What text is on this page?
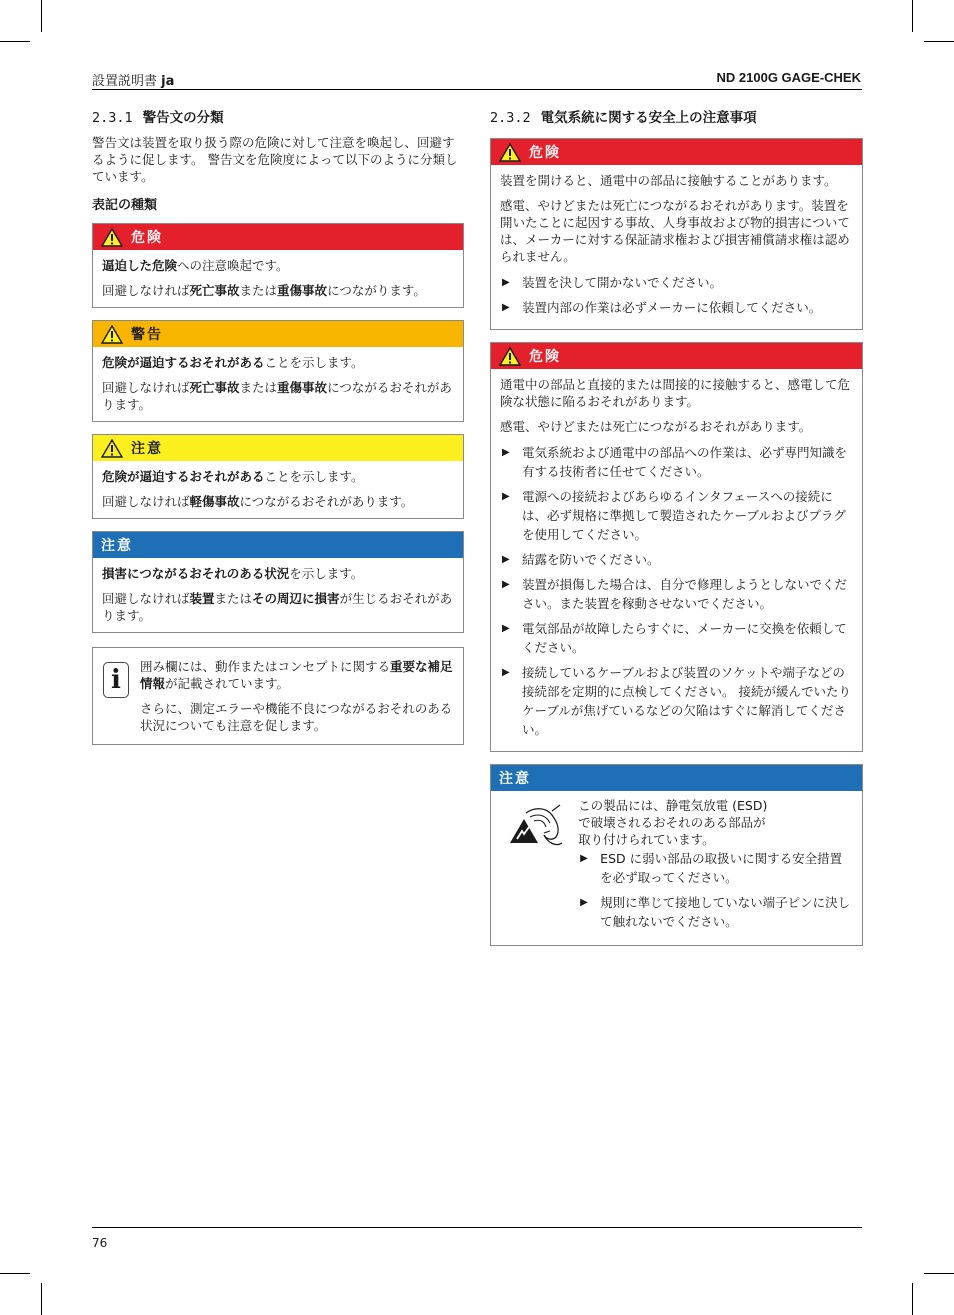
設置説明書 ja	ND 2100G GAGE-CHEK
2.3.1 警告文の分類

警告文は装置を取り扱う際の危険に対して注意を喚起し、回避するように促します。 警告文を危険度によって以下のように分類しています。

表記の種類
危険

逼迫した危険への注意喚起です。

回避しなければ死亡事故または重傷事故につながります。

警告

危険が逼迫するおそれがあることを示します。

回避しなければ死亡事故または重傷事故につながるおそれがあります。

注意

危険が逼迫するおそれがあることを示します。

回避しなければ軽傷事故につながるおそれがあります。

注意

損害につながるおそれのある状況を示します。

回避しなければ装置またはその周辺に損害が生じるおそれがあります。

i	囲み欄には、動作またはコンセプトに関する重要な補足情報が記載されています。

さらに、測定エラーや機能不良につながるおそれのある状況についても注意を促します。

2.3.2 電気系統に関する安全上の注意事項
危険

装置を開けると、通電中の部品に接触することがあります。

感電、やけどまたは死亡につながるおそれがあります。装置を開いたことに起因する事故、人身事故および物的損害については、メーカーに対する保証請求権および損害補償請求権は認められません。

▶ 装置を決して開かないでください。
▶ 装置内部の作業は必ずメーカーに依頼してください。
危険

通電中の部品と直接的または間接的に接触すると、感電して危険な状態に陥るおそれがあります。

感電、やけどまたは死亡につながるおそれがあります。

▶ 電気系統および通電中の部品への作業は、必ず専門知識を有する技術者に任せてください。
▶ 電源への接続およびあらゆるインタフェースへの接続には、必ず規格に準拠して製造されたケーブルおよびプラグを使用してください。
▶ 結露を防いでください。
▶ 装置が損傷した場合は、自分で修理しようとしないでください。また装置を稼動させないでください。
▶ 電気部品が故障したらすぐに、メーカーに交換を依頼してください。
▶ 接続しているケーブルおよび装置のソケットや端子などの接続部を定期的に点検してください。 接続が緩んでいたりケーブルが焦げているなどの欠陥はすぐに解消してください。
注意

この製品には、静電気放電 (ESD)

で破壊されるおそれのある部品が

取り付けられています。

▶ ESD に弱い部品の取扱いに関する安全措置を必ず取ってください。
▶ 規則に準じて接地していない端子ピンに決して触れないでください。
76
